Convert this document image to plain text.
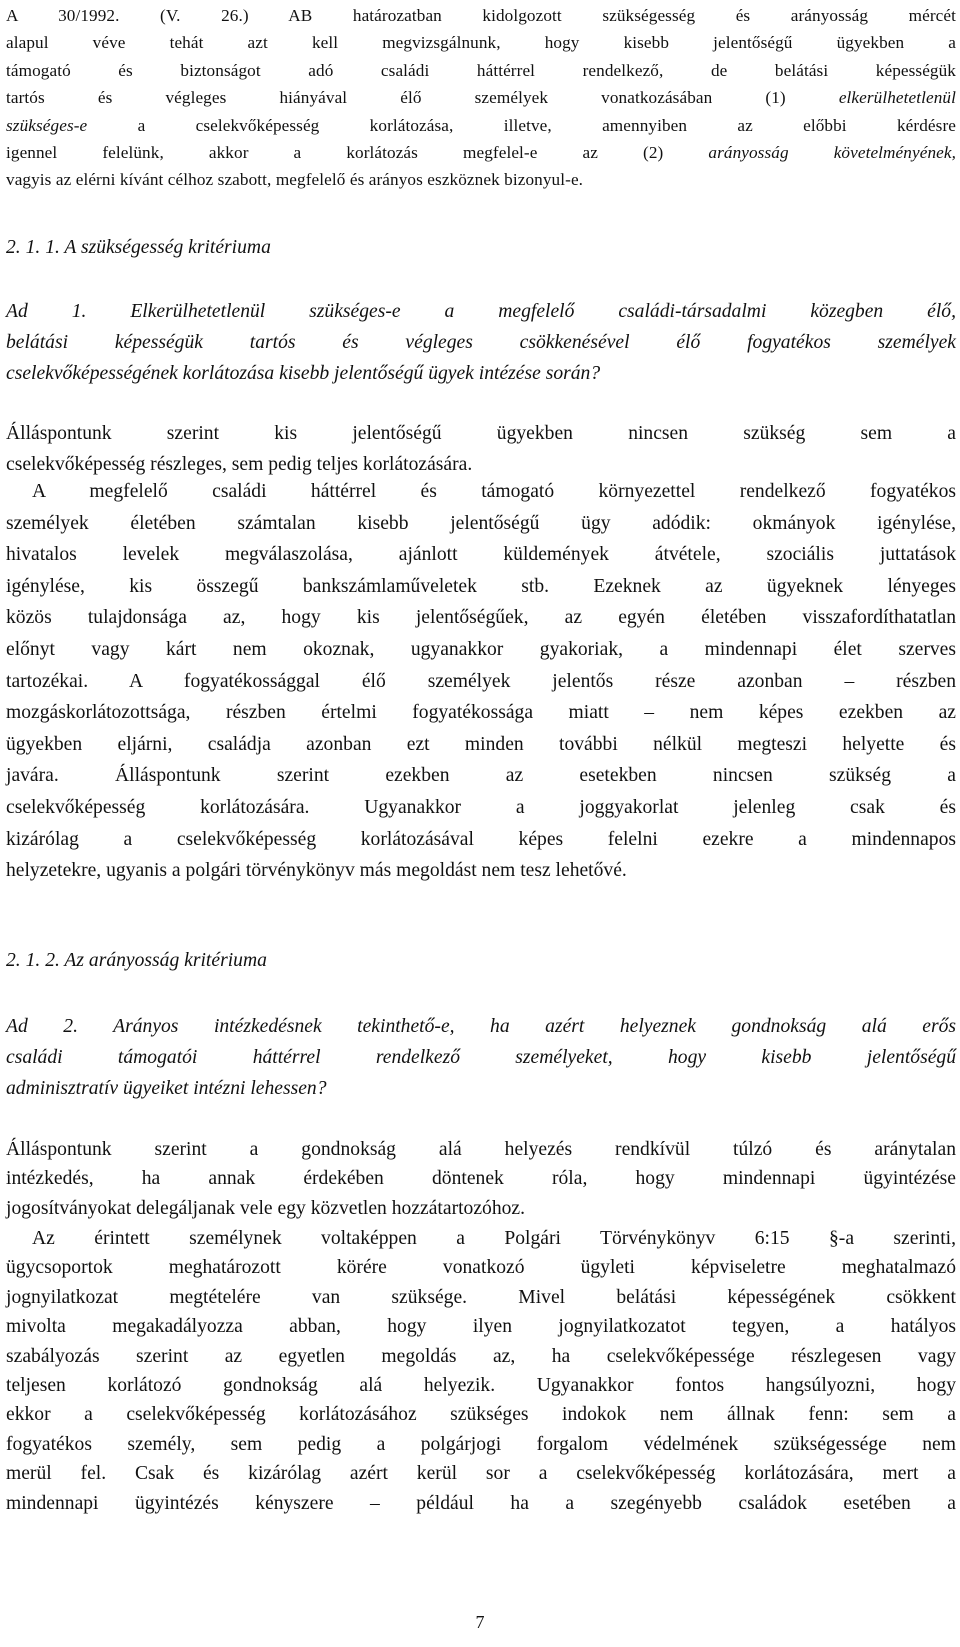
A 30/1992. (V. 26.) AB határozatban kidolgozott szükségesség és arányosság mércét
alapul véve tehát azt kell megvizsgálnunk, hogy kisebb jelentőségű ügyekben a
támogató és biztonságot adó családi háttérrel rendelkező, de belátási képességük
tartós és végleges hiányával élő személyek vonatkozásában (1) elkerülhetetlenül
szükséges-e a cselekvőképesség korlátozása, illetve, amennyiben az előbbi kérdésre
igennel felelünk, akkor a korlátozás megfelel-e az (2) arányosság követelményének,
vagyis az elérni kívánt célhoz szabott, megfelelő és arányos eszköznek bizonyul-e.
2. 1. 1. A szükségesség kritériuma
Ad 1. Elkerülhetetlenül szükséges-e a megfelelő családi-társadalmi közegben élő,
belátási képességük tartós és végleges csökkenésével élő fogyatékos személyek
cselekvőképességének korlátozása kisebb jelentőségű ügyek intézése során?
Álláspontunk szerint kis jelentőségű ügyekben nincsen szükség sem a
cselekvőképesség részleges, sem pedig teljes korlátozására.
A megfelelő családi háttérrel és támogató környezettel rendelkező fogyatékos
személyek életében számtalan kisebb jelentőségű ügy adódik: okmányok igénylése,
hivatalos levelek megválaszolása, ajánlott küldemények átvétele, szociális juttatások
igénylése, kis összegű bankszámlaműveletek stb. Ezeknek az ügyeknek lényeges
közös tulajdonsága az, hogy kis jelentőségűek, az egyén életében visszafordíthatatlan
előnyt vagy kárt nem okoznak, ugyanakkor gyakoriak, a mindennapi élet szerves
tartozékai. A fogyatékossággal élő személyek jelentős része azonban – részben
mozgáskorlátozottsága, részben értelmi fogyatékossága miatt – nem képes ezekben az
ügyekben eljárni, családja azonban ezt minden további nélkül megteszi helyette és
javára. Álláspontunk szerint ezekben az esetekben nincsen szükség a
cselekvőképesség korlátozására. Ugyanakkor a joggyakorlat jelenleg csak és
kizárólag a cselekvőképesség korlátozásával képes felelni ezekre a mindennapos
helyzetekre, ugyanis a polgári törvénykönyv más megoldást nem tesz lehetővé.
2. 1. 2. Az arányosság kritériuma
Ad 2. Arányos intézkedésnek tekinthető-e, ha azért helyeznek gondnokság alá erős
családi támogatói háttérrel rendelkező személyeket, hogy kisebb jelentőségű
adminisztratív ügyeiket intézni lehessen?
Álláspontunk szerint a gondnokság alá helyezés rendkívül túlzó és aránytalan
intézkedés, ha annak érdekében döntenek róla, hogy mindennapi ügyintézése
jogosítványokat delegáljanak vele egy közvetlen hozzátartozóhoz.
Az érintett személynek voltaképpen a Polgári Törvénykönyv 6:15 §-a szerinti,
ügycsoportok meghatározott körére vonatkozó ügyleti képviseletre meghatalmazó
jognyilatkozat megtételére van szüksége. Mivel belátási képességének csökkent
mivolta megakadályozza abban, hogy ilyen jognyilatkozatot tegyen, a hatályos
szabályozás szerint az egyetlen megoldás az, ha cselekvőképessége részlegesen vagy
teljesen korlátozó gondnokság alá helyezik. Ugyanakkor fontos hangsúlyozni, hogy
ekkor a cselekvőképesség korlátozásához szükséges indokok nem állnak fenn: sem a
fogyatékos személy, sem pedig a polgárjogi forgalom védelmének szükségessége nem
merül fel. Csak és kizárólag azért kerül sor a cselekvőképesség korlátozására, mert a
mindennapi ügyintézés kényszere – például ha a szegényebb családok esetében a
7
